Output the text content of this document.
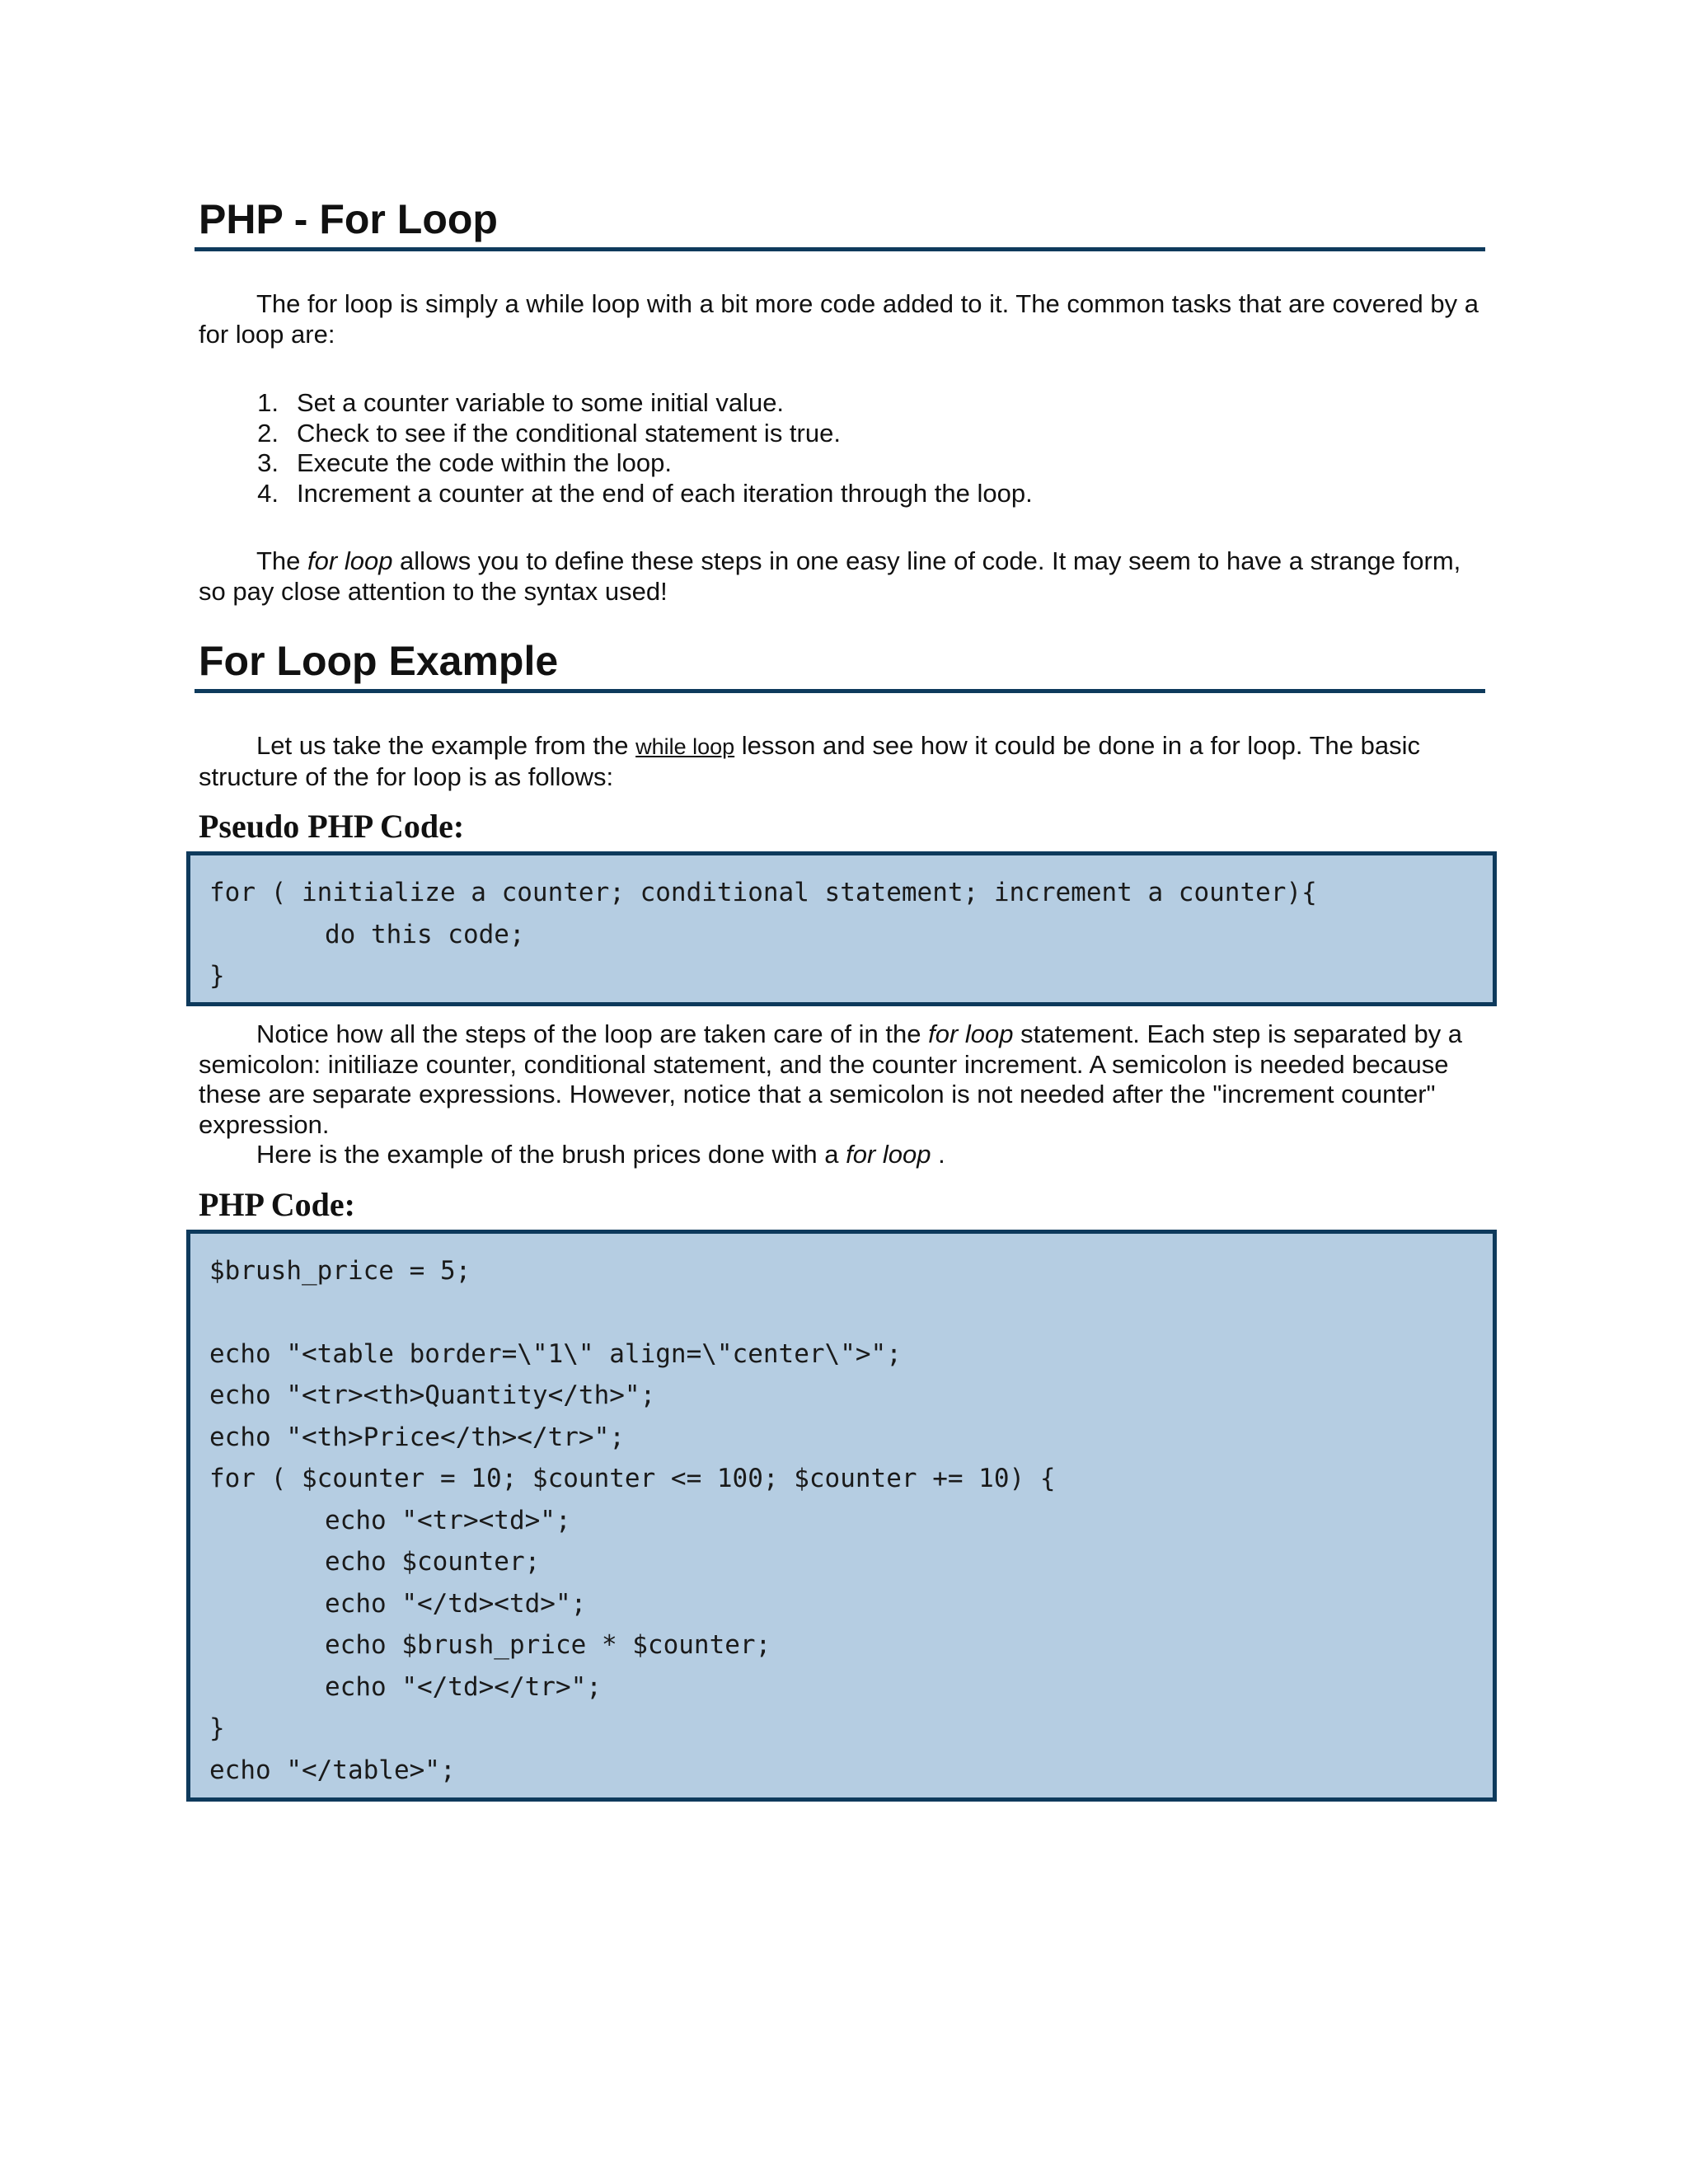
PHP - For Loop

The for loop is simply a while loop with a bit more code added to it. The common tasks that are covered by a for loop are:

1. Set a counter variable to some initial value.
2. Check to see if the conditional statement is true.
3. Execute the code within the loop.
4. Increment a counter at the end of each iteration through the loop.

The for loop allows you to define these steps in one easy line of code. It may seem to have a strange form, so pay close attention to the syntax used!

For Loop Example

Let us take the example from the while loop lesson and see how it could be done in a for loop. The basic structure of the for loop is as follows:

Pseudo PHP Code:
for ( initialize a counter; conditional statement; increment a counter){
do this code;
}

Notice how all the steps of the loop are taken care of in the for loop statement. Each step is separated by a semicolon: initiliaze counter, conditional statement, and the counter increment. A semicolon is needed because these are separate expressions. However, notice that a semicolon is not needed after the "increment counter" expression.

Here is the example of the brush prices done with a for loop .

PHP Code:
$brush_price = 5;
echo "<table border=\"1\" align=\"center\">";
echo "<tr><th>Quantity</th>";
echo "<th>Price</th></tr>";
for ( $counter = 10; $counter <= 100; $counter += 10) {
echo "<tr><td>";
echo $counter;
echo "</td><td>";
echo $brush_price * $counter;
echo "</td></tr>";
}
echo "</table>";
